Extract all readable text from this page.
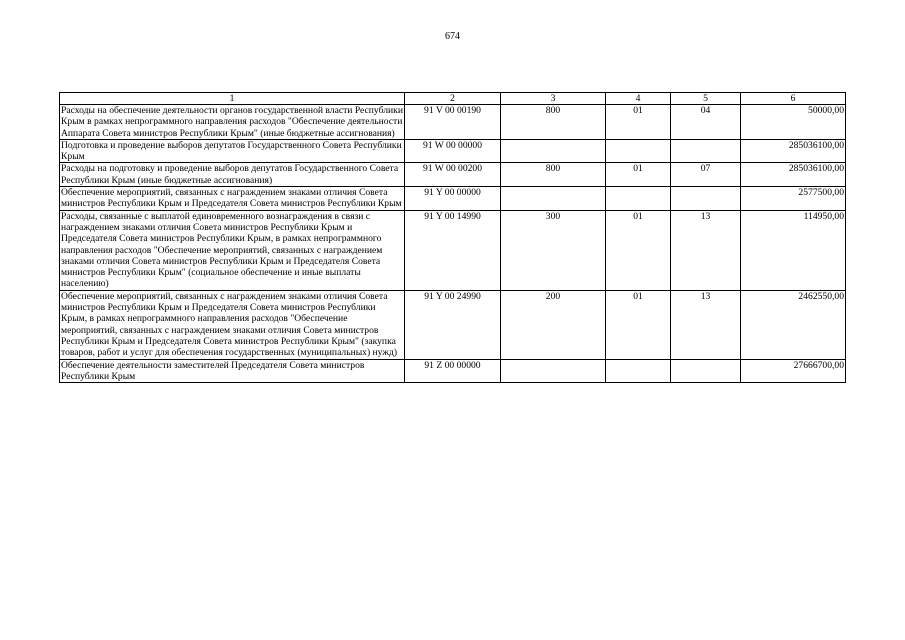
674
1	2	3	4	5	6
Расходы на обеспечение деятельности органов государственной власти Республики Крым в рамках непрограммного направления расходов "Обеспечение деятельности Аппарата Совета министров Республики Крым" (иные бюджетные ассигнования)	91 V 00 00190	800	01	04	50000,00
Подготовка и проведение выборов депутатов Государственного Совета Республики Крым	91 W 00 00000				285036100,00
Расходы на подготовку и проведение выборов депутатов Государственного Совета Республики Крым (иные бюджетные ассигнования)	91 W 00 00200	800	01	07	285036100,00
Обеспечение мероприятий, связанных с награждением знаками отличия Совета министров Республики Крым и Председателя Совета министров Республики Крым	91 Y 00 00000				2577500,00
Расходы, связанные с выплатой единовременного вознаграждения в связи с награждением знаками отличия Совета министров Республики Крым и Председателя Совета министров Республики Крым, в рамках непрограммного направления расходов "Обеспечение мероприятий, связанных с награждением знаками отличия Совета министров Республики Крым и Председателя Совета министров Республики Крым" (социальное обеспечение и иные выплаты населению)	91 Y 00 14990	300	01	13	114950,00
Обеспечение мероприятий, связанных с награждением знаками отличия Совета министров Республики Крым и Председателя Совета министров Республики Крым, в рамках непрограммного направления расходов "Обеспечение мероприятий, связанных с награждением знаками отличия Совета министров Республики Крым и Председателя Совета министров Республики Крым" (закупка товаров, работ и услуг для обеспечения государственных (муниципальных) нужд)	91 Y 00 24990	200	01	13	2462550,00
Обеспечение деятельности заместителей Председателя Совета министров Республики Крым	91 Z 00 00000				27666700,00
